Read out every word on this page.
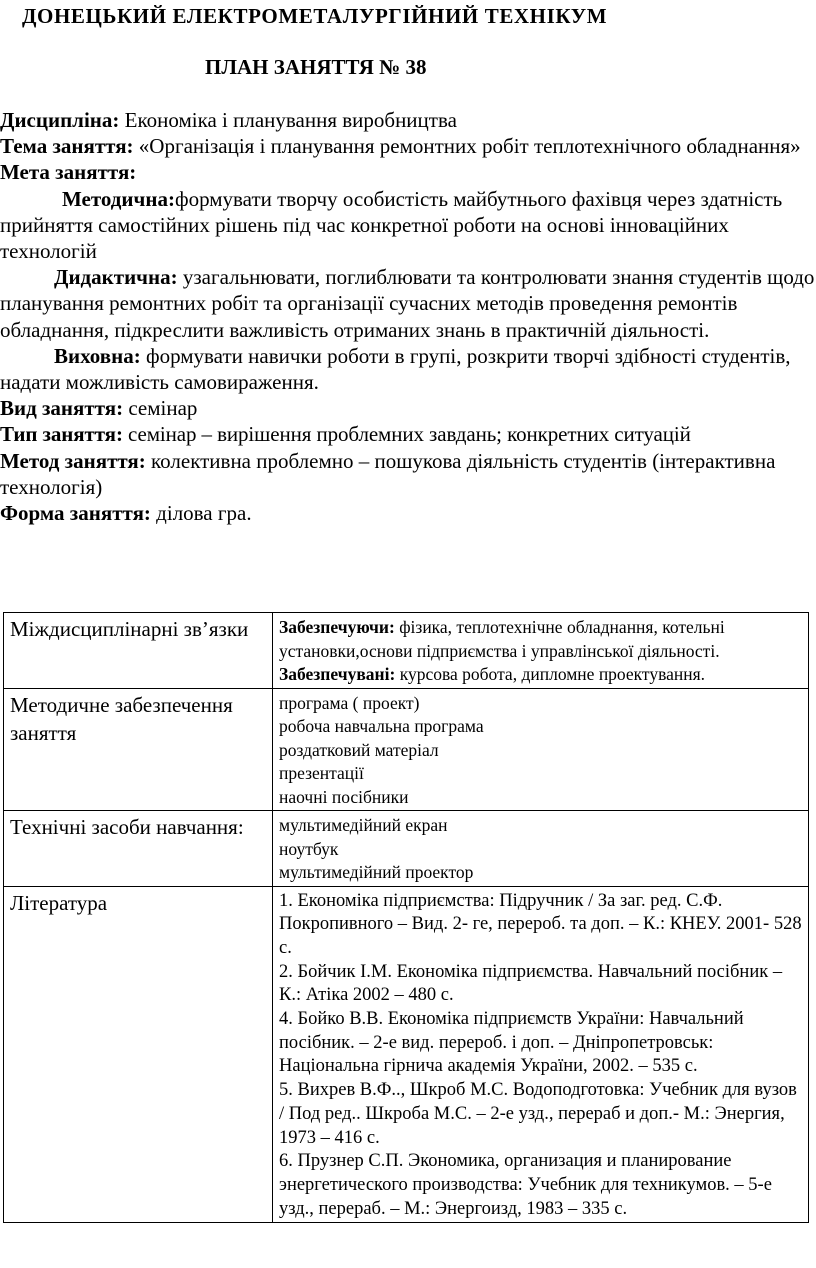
ДОНЕЦЬКИЙ ЕЛЕКТРОМЕТАЛУРГІЙНИЙ ТЕХНІКУМ
ПЛАН ЗАНЯТТЯ № 38

Дисципліна: Економіка і планування виробництва

Тема заняття: «Організація і планування ремонтних робіт теплотехнічного обладнання»

Мета заняття:

Методична:формувати творчу особистість майбутнього фахівця через здатність прийняття самостійних рішень під час конкретної роботи на основі інноваційних технологій

Дидактична: узагальнювати, поглиблювати та контролювати знання студентів щодо планування ремонтних робіт та організації сучасних методів проведення ремонтів обладнання, підкреслити важливість отриманих знань в практичній діяльності.

Виховна: формувати навички роботи в групі, розкрити творчі здібності студентів, надати можливість самовираження.

Вид заняття: семінар

Тип заняття: семінар – вирішення проблемних завдань; конкретних ситуацій

Метод заняття: колективна проблемно – пошукова діяльність студентів (інтерактивна технологія)

Форма заняття: ділова гра.

Міждисциплінарні зв’язки	Забезпечуючи: фізика, теплотехнічне обладнання, котельні установки,основи підприємства і управлінської діяльності.
Забезпечувані: курсова робота, дипломне проектування.

Методичне забезпечення заняття	програма ( проект)
робоча навчальна програма
роздатковий матеріал
презентації
наочні посібники

Технічні засоби навчання:	мультимедійний екран
ноутбук
мультимедійний проектор

Література	1. Економіка підприємства: Підручник / За заг. ред. С.Ф. Покропивного – Вид. 2- ге, перероб. та доп. – К.: КНЕУ. 2001- 528 с.
2. Бойчик І.М. Економіка підприємства. Навчальний посібник – К.: Атіка 2002 – 480 с.
4. Бойко В.В. Економіка підприємств України: Навчальний посібник. – 2-е вид. перероб. і доп. – Дніпропетровськ: Національна гірнича академія України, 2002. – 535 с.
5. Вихрев В.Ф.., Шкроб М.С. Водоподготовка: Учебник для вузов / Под ред.. Шкроба М.С. – 2-е узд., перераб и доп.- М.: Энергия, 1973 – 416 с.
6. Прузнер С.П. Экономика, организация и планирование энергетического производства: Учебник для техникумов. – 5-е узд., перераб. – М.: Энергоизд, 1983 – 335 с.
